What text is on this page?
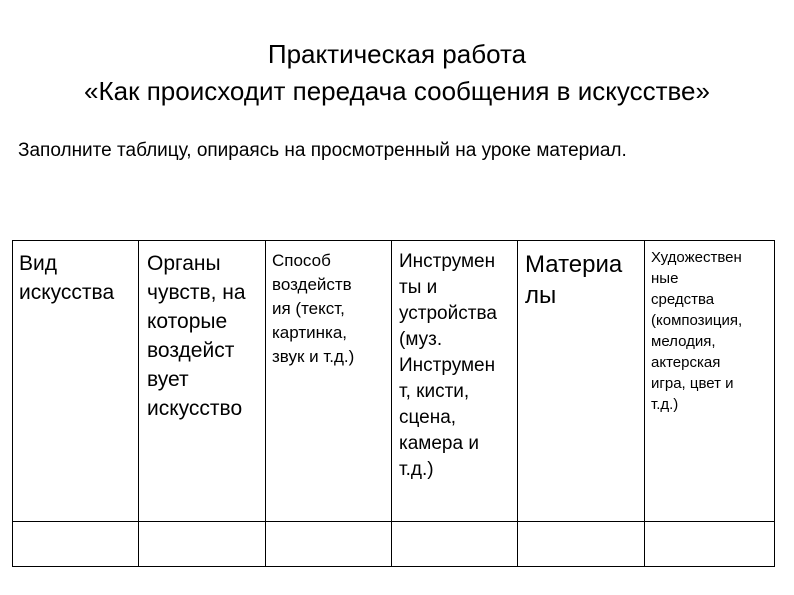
Практическая работа
«Как происходит передача сообщения в искусстве»
Заполните таблицу, опираясь на просмотренный на уроке материал.
Вид
искусства
Органы
чувств, на
которые
воздейст
вует
искусство
Способ
воздейств
ия (текст,
картинка,
звук и т.д.)
Инструмен
ты и
устройства
(муз.
Инструмен
т, кисти,
сцена,
камера и
т.д.)
Материа
лы
Художествен
ные
средства
(композиция,
мелодия,
актерская
игра, цвет и
т.д.)
